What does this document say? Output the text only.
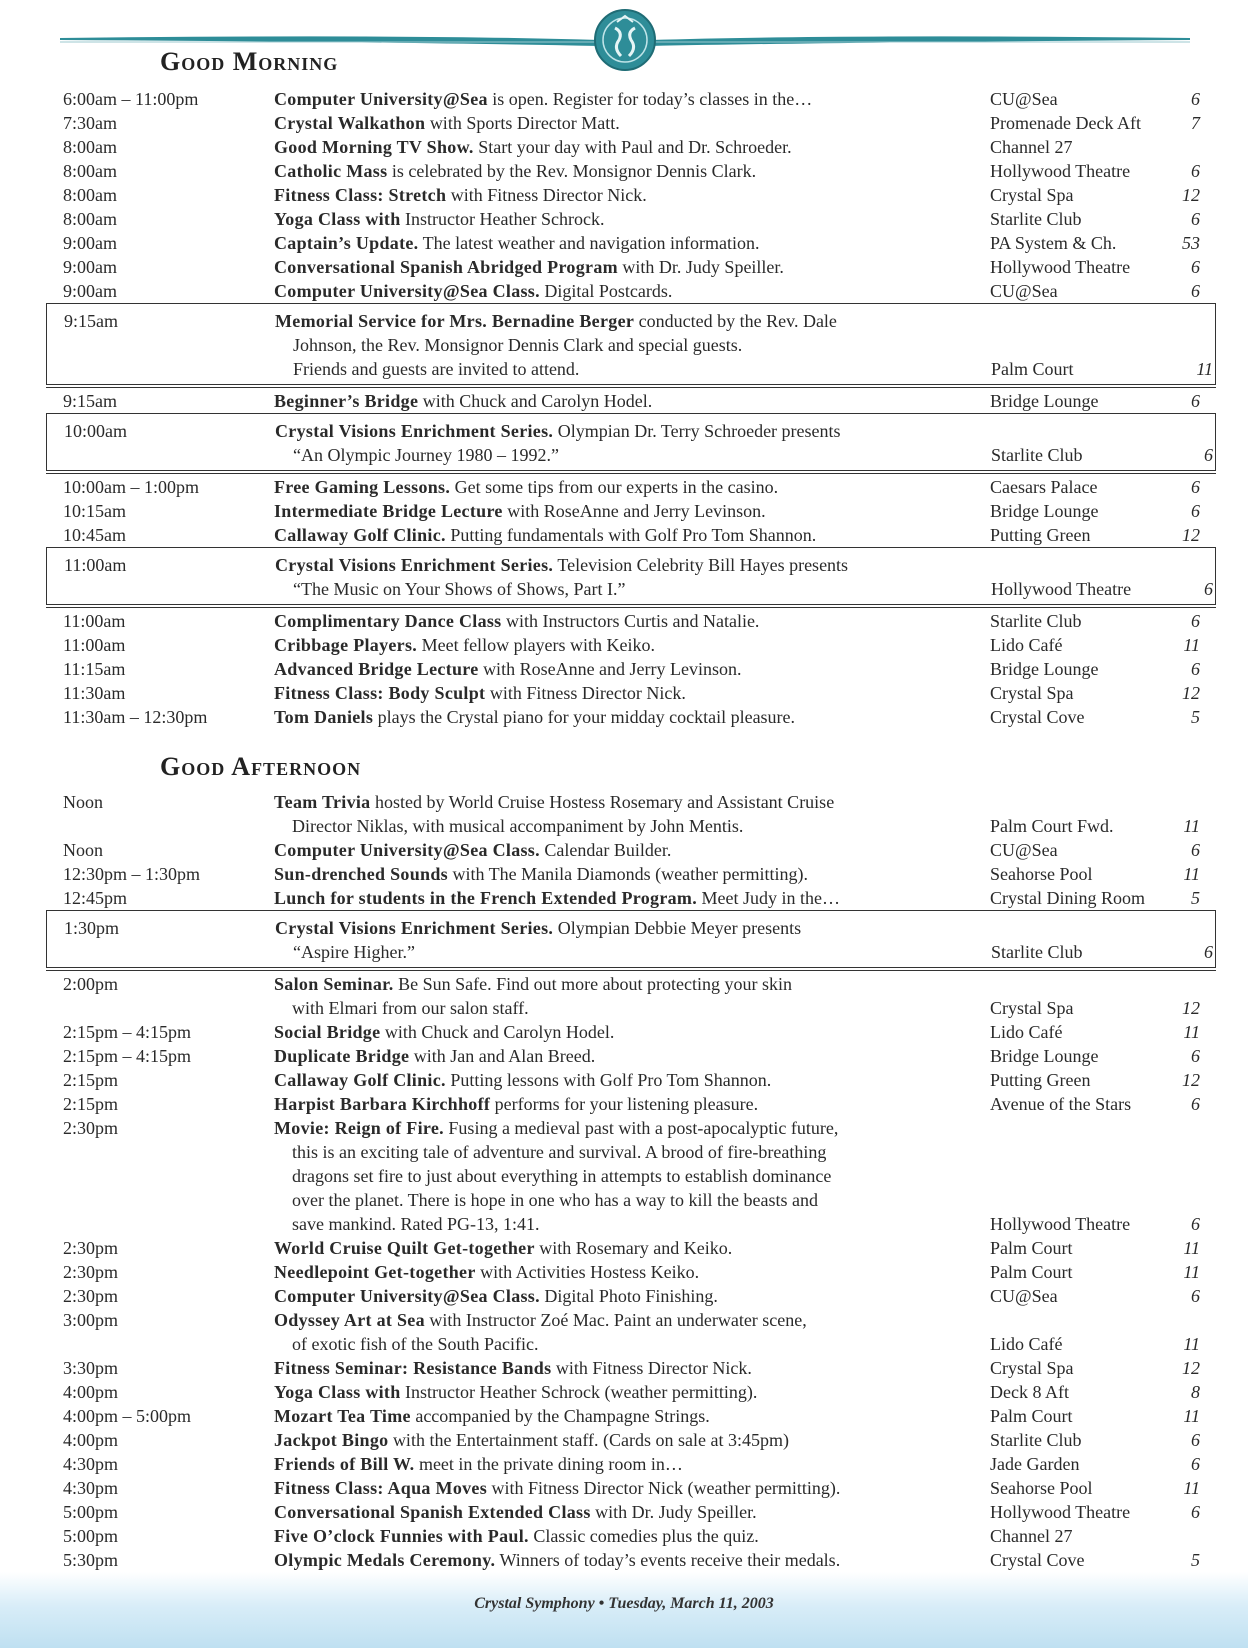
Good Morning
6:00am – 11:00pm	Computer University@Sea is open. Register for today’s classes in the…	CU@Sea	6
7:30am	Crystal Walkathon with Sports Director Matt.	Promenade Deck Aft	7
8:00am	Good Morning TV Show. Start your day with Paul and Dr. Schroeder.	Channel 27
8:00am	Catholic Mass is celebrated by the Rev. Monsignor Dennis Clark.	Hollywood Theatre	6
8:00am	Fitness Class: Stretch with Fitness Director Nick.	Crystal Spa	12
8:00am	Yoga Class with Instructor Heather Schrock.	Starlite Club	6
9:00am	Captain’s Update. The latest weather and navigation information.	PA System & Ch.	53
9:00am	Conversational Spanish Abridged Program with Dr. Judy Speiller.	Hollywood Theatre	6
9:00am	Computer University@Sea Class. Digital Postcards.	CU@Sea	6
9:15am	Memorial Service for Mrs. Bernadine Berger conducted by the Rev. Dale
Johnson, the Rev. Monsignor Dennis Clark and special guests.
Friends and guests are invited to attend.	Palm Court	11
9:15am	Beginner’s Bridge with Chuck and Carolyn Hodel.	Bridge Lounge	6
10:00am	Crystal Visions Enrichment Series. Olympian Dr. Terry Schroeder presents
“An Olympic Journey 1980 – 1992.”	Starlite Club	6
10:00am – 1:00pm	Free Gaming Lessons. Get some tips from our experts in the casino.	Caesars Palace	6
10:15am	Intermediate Bridge Lecture with RoseAnne and Jerry Levinson.	Bridge Lounge	6
10:45am	Callaway Golf Clinic. Putting fundamentals with Golf Pro Tom Shannon.	Putting Green	12
11:00am	Crystal Visions Enrichment Series. Television Celebrity Bill Hayes presents
“The Music on Your Shows of Shows, Part I.”	Hollywood Theatre	6
11:00am	Complimentary Dance Class with Instructors Curtis and Natalie.	Starlite Club	6
11:00am	Cribbage Players. Meet fellow players with Keiko.	Lido Café	11
11:15am	Advanced Bridge Lecture with RoseAnne and Jerry Levinson.	Bridge Lounge	6
11:30am	Fitness Class: Body Sculpt with Fitness Director Nick.	Crystal Spa	12
11:30am – 12:30pm	Tom Daniels plays the Crystal piano for your midday cocktail pleasure.	Crystal Cove	5
Noon	Team Trivia hosted by World Cruise Hostess Rosemary and Assistant Cruise
Director Niklas, with musical accompaniment by John Mentis.	Palm Court Fwd.	11
Noon	Computer University@Sea Class. Calendar Builder.	CU@Sea	6
12:30pm – 1:30pm	Sun-drenched Sounds with The Manila Diamonds (weather permitting).	Seahorse Pool	11
12:45pm	Lunch for students in the French Extended Program. Meet Judy in the…	Crystal Dining Room	5
1:30pm	Crystal Visions Enrichment Series. Olympian Debbie Meyer presents
“Aspire Higher.”	Starlite Club	6
2:00pm	Salon Seminar. Be Sun Safe. Find out more about protecting your skin
with Elmari from our salon staff.	Crystal Spa	12
2:15pm – 4:15pm	Social Bridge with Chuck and Carolyn Hodel.	Lido Café	11
2:15pm – 4:15pm	Duplicate Bridge with Jan and Alan Breed.	Bridge Lounge	6
2:15pm	Callaway Golf Clinic. Putting lessons with Golf Pro Tom Shannon.	Putting Green	12
2:15pm	Harpist Barbara Kirchhoff performs for your listening pleasure.	Avenue of the Stars	6
2:30pm	Movie: Reign of Fire. Fusing a medieval past with a post-apocalyptic future,
this is an exciting tale of adventure and survival. A brood of fire-breathing
dragons set fire to just about everything in attempts to establish dominance
over the planet. There is hope in one who has a way to kill the beasts and
save mankind. Rated PG-13, 1:41.	Hollywood Theatre	6
2:30pm	World Cruise Quilt Get-together with Rosemary and Keiko.	Palm Court	11
2:30pm	Needlepoint Get-together with Activities Hostess Keiko.	Palm Court	11
2:30pm	Computer University@Sea Class. Digital Photo Finishing.	CU@Sea	6
3:00pm	Odyssey Art at Sea with Instructor Zoé Mac. Paint an underwater scene,
of exotic fish of the South Pacific.	Lido Café	11
3:30pm	Fitness Seminar: Resistance Bands with Fitness Director Nick.	Crystal Spa	12
4:00pm	Yoga Class with Instructor Heather Schrock (weather permitting).	Deck 8 Aft	8
4:00pm – 5:00pm	Mozart Tea Time accompanied by the Champagne Strings.	Palm Court	11
4:00pm	Jackpot Bingo with the Entertainment staff. (Cards on sale at 3:45pm)	Starlite Club	6
4:30pm	Friends of Bill W. meet in the private dining room in…	Jade Garden	6
4:30pm	Fitness Class: Aqua Moves with Fitness Director Nick (weather permitting).	Seahorse Pool	11
5:00pm	Conversational Spanish Extended Class with Dr. Judy Speiller.	Hollywood Theatre	6
5:00pm	Five O’clock Funnies with Paul. Classic comedies plus the quiz.	Channel 27
5:30pm	Olympic Medals Ceremony. Winners of today’s events receive their medals.	Crystal Cove	5
Good Afternoon
Crystal Symphony • Tuesday, March 11, 2003
